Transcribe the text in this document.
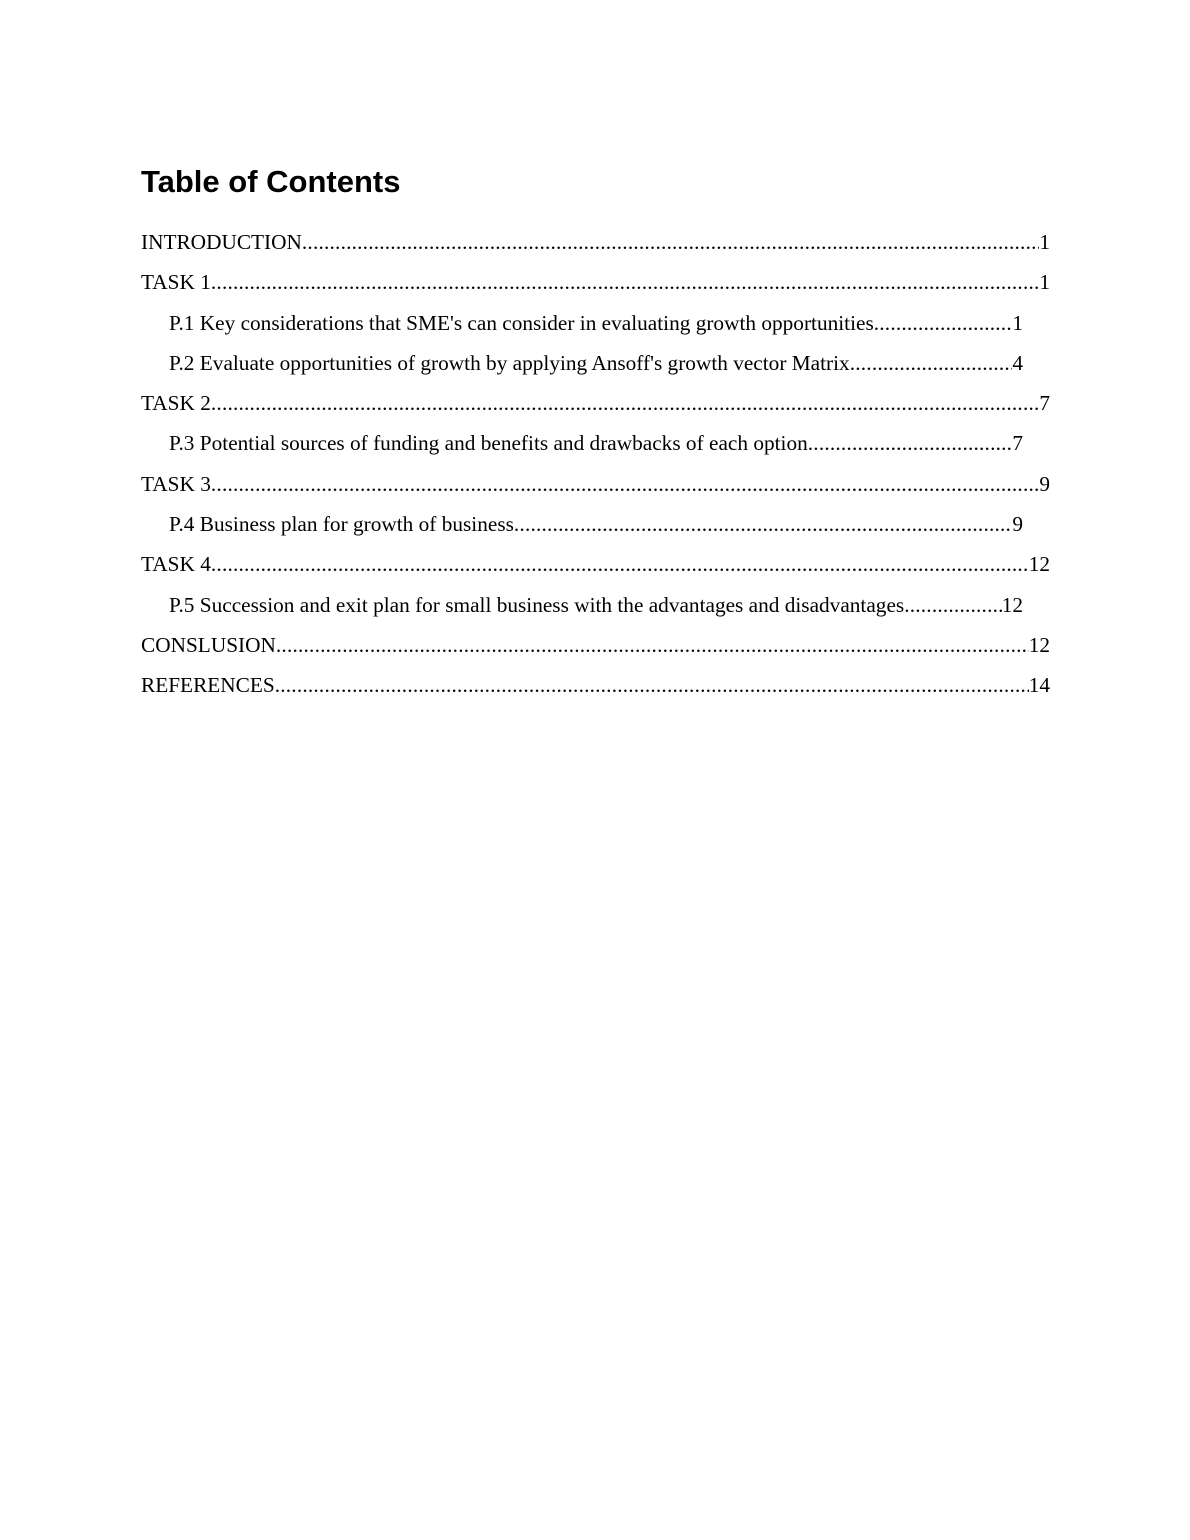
Table of Contents
INTRODUCTION .....	1
TASK 1 .....	1
P.1 Key considerations that SME's can consider in evaluating growth opportunities .....	1
P.2 Evaluate opportunities of growth by applying Ansoff's growth vector Matrix .....	4
TASK 2 .....	7
P.3 Potential sources of funding and benefits and drawbacks of each option .....	7
TASK 3 .....	9
P.4 Business plan for growth of business .....	9
TASK 4 .....	12
P.5 Succession and exit plan for small business with the advantages and disadvantages .....	12
CONSLUSION .....	12
REFERENCES .....	14
